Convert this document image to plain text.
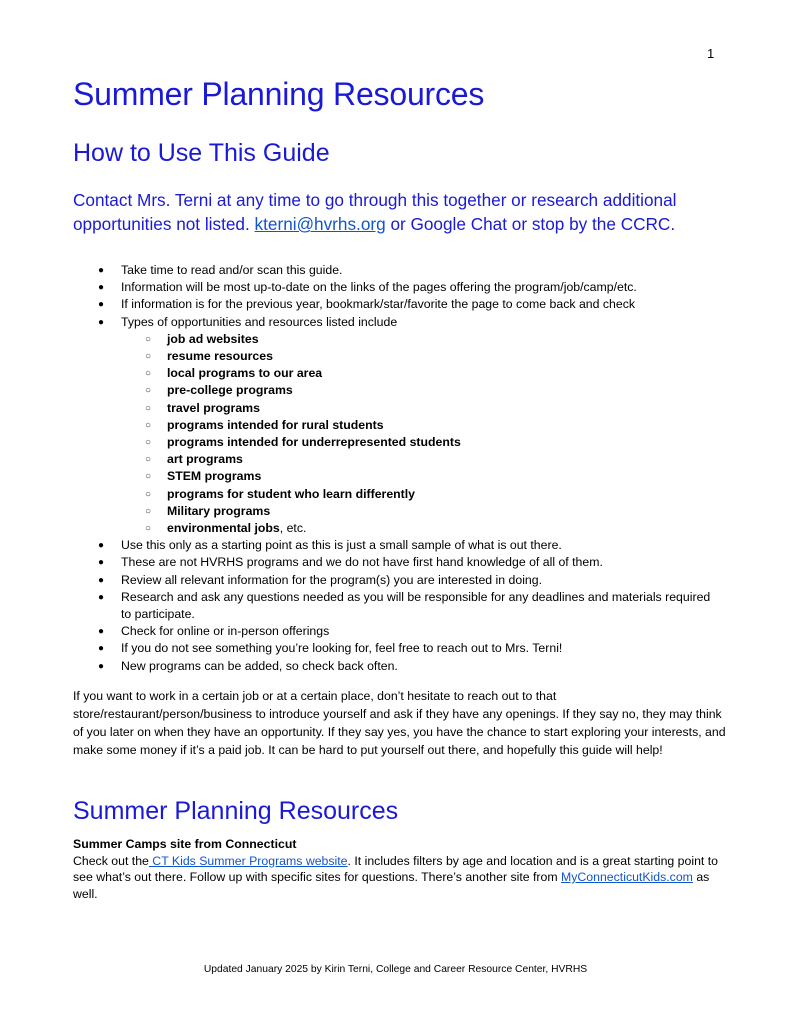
1
Summer Planning Resources
How to Use This Guide

Contact Mrs. Terni at any time to go through this together or research additional opportunities not listed. kterni@hvrhs.org or Google Chat or stop by the CCRC.

● Take time to read and/or scan this guide.
● Information will be most up-to-date on the links of the pages offering the program/job/camp/etc.
● If information is for the previous year, bookmark/star/favorite the page to come back and check
● Types of opportunities and resources listed include
○ job ad websites
○ resume resources
○ local programs to our area
○ pre-college programs
○ travel programs
○ programs intended for rural students
○ programs intended for underrepresented students
○ art programs
○ STEM programs
○ programs for student who learn differently
○ Military programs
○ environmental jobs, etc.
● Use this only as a starting point as this is just a small sample of what is out there.
● These are not HVRHS programs and we do not have first hand knowledge of all of them.
● Review all relevant information for the program(s) you are interested in doing.
● Research and ask any questions needed as you will be responsible for any deadlines and materials required to participate.
● Check for online or in-person offerings
● If you do not see something you’re looking for, feel free to reach out to Mrs. Terni!
● New programs can be added, so check back often.

If you want to work in a certain job or at a certain place, don’t hesitate to reach out to that store/restaurant/person/business to introduce yourself and ask if they have any openings. If they say no, they may think of you later on when they have an opportunity. If they say yes, you have the chance to start exploring your interests, and make some money if it’s a paid job. It can be hard to put yourself out there, and hopefully this guide will help!

Summer Planning Resources
Summer Camps site from Connecticut
Check out the CT Kids Summer Programs website. It includes filters by age and location and is a great starting point to see what’s out there. Follow up with specific sites for questions. There’s another site from MyConnecticutKids.com as well.
Updated January 2025 by Kirin Terni, College and Career Resource Center, HVRHS
